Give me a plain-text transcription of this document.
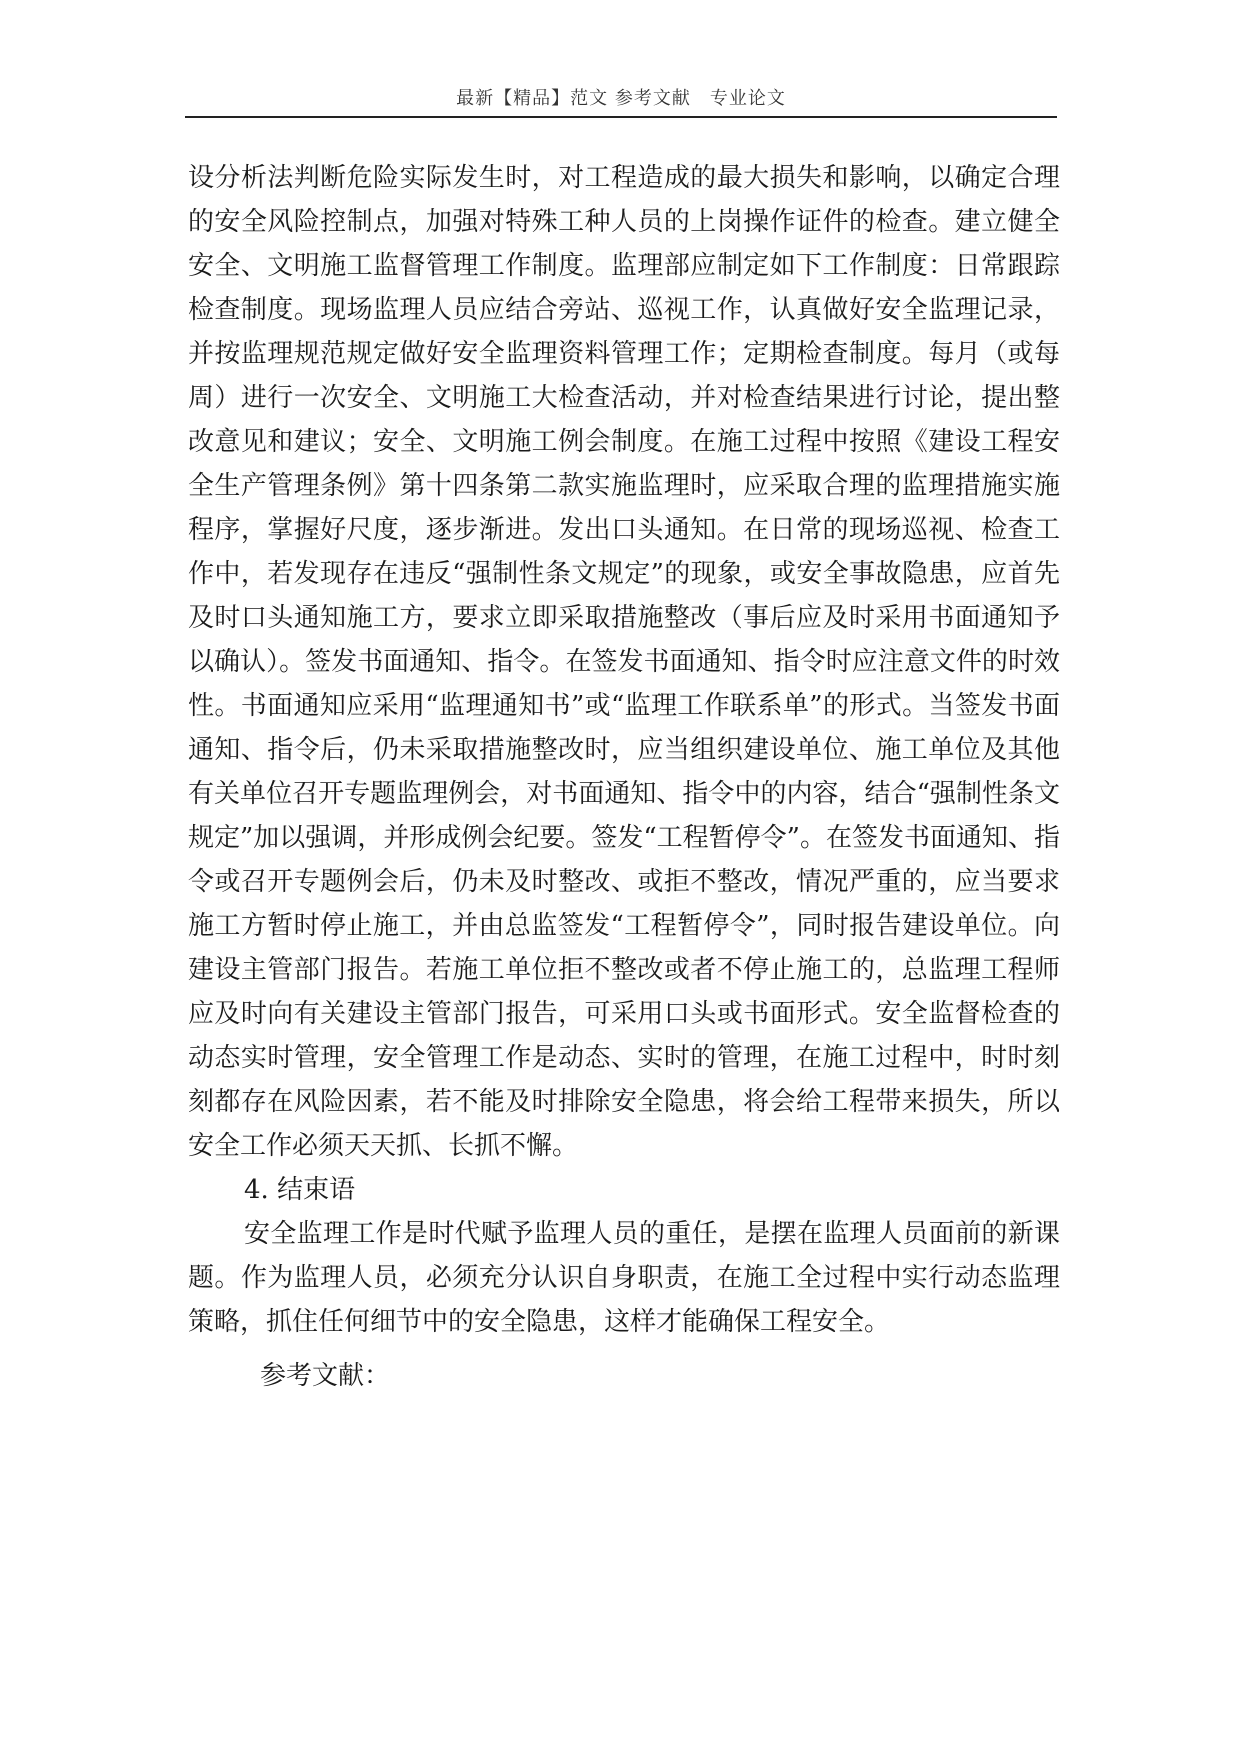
最新【精品】范文 参考文献　专业论文

设分析法判断危险实际发生时，对工程造成的最大损失和影响，以确定合理的安全风险控制点，加强对特殊工种人员的上岗操作证件的检查。建立健全安全、文明施工监督管理工作制度。监理部应制定如下工作制度：日常跟踪检查制度。现场监理人员应结合旁站、巡视工作，认真做好安全监理记录，并按监理规范规定做好安全监理资料管理工作；定期检查制度。每月（或每周）进行一次安全、文明施工大检查活动，并对检查结果进行讨论，提出整改意见和建议；安全、文明施工例会制度。在施工过程中按照《建设工程安全生产管理条例》第十四条第二款实施监理时，应采取合理的监理措施实施程序，掌握好尺度，逐步渐进。发出口头通知。在日常的现场巡视、检查工作中，若发现存在违反“强制性条文规定”的现象，或安全事故隐患，应首先及时口头通知施工方，要求立即采取措施整改（事后应及时采用书面通知予以确认）。签发书面通知、指令。在签发书面通知、指令时应注意文件的时效性。书面通知应采用“监理通知书”或“监理工作联系单”的形式。当签发书面通知、指令后，仍未采取措施整改时，应当组织建设单位、施工单位及其他有关单位召开专题监理例会，对书面通知、指令中的内容，结合“强制性条文规定”加以强调，并形成例会纪要。签发“工程暂停令”。在签发书面通知、指令或召开专题例会后，仍未及时整改、或拒不整改，情况严重的，应当要求施工方暂时停止施工，并由总监签发“工程暂停令”，同时报告建设单位。向建设主管部门报告。若施工单位拒不整改或者不停止施工的，总监理工程师应及时向有关建设主管部门报告，可采用口头或书面形式。安全监督检查的动态实时管理，安全管理工作是动态、实时的管理，在施工过程中，时时刻刻都存在风险因素，若不能及时排除安全隐患，将会给工程带来损失，所以安全工作必须天天抓、长抓不懈。

4. 结束语

安全监理工作是时代赋予监理人员的重任，是摆在监理人员面前的新课题。作为监理人员，必须充分认识自身职责，在施工全过程中实行动态监理策略，抓住任何细节中的安全隐患，这样才能确保工程安全。

参考文献：
